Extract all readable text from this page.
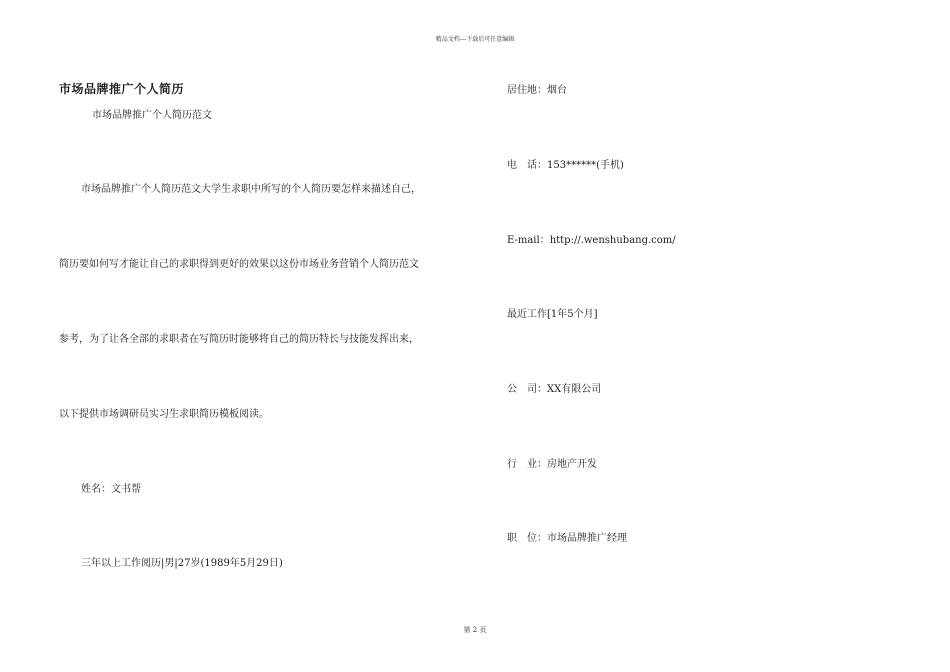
精品文档---下载后可任意编辑
市场品牌推广个人简历
市场品牌推广个人简历范文
市场品牌推广个人简历范文大学生求职中所写的个人简历要怎样来描述自己，
简历要如何写才能让自己的求职得到更好的效果以这份市场业务营销个人简历范文
参考，为了让各全部的求职者在写简历时能够将自己的简历特长与技能发挥出来，
以下提供市场调研员实习生求职简历模板阅读。
姓名：文书帮
三年以上工作阅历|男|27岁(1989年5月29日)
居住地：烟台
电　话：153******(手机)
E-mail：http://.wenshubang.com/
最近工作[1年5个月]
公　司：XX有限公司
行　业：房地产开发
职　位：市场品牌推广经理
第 2 页
